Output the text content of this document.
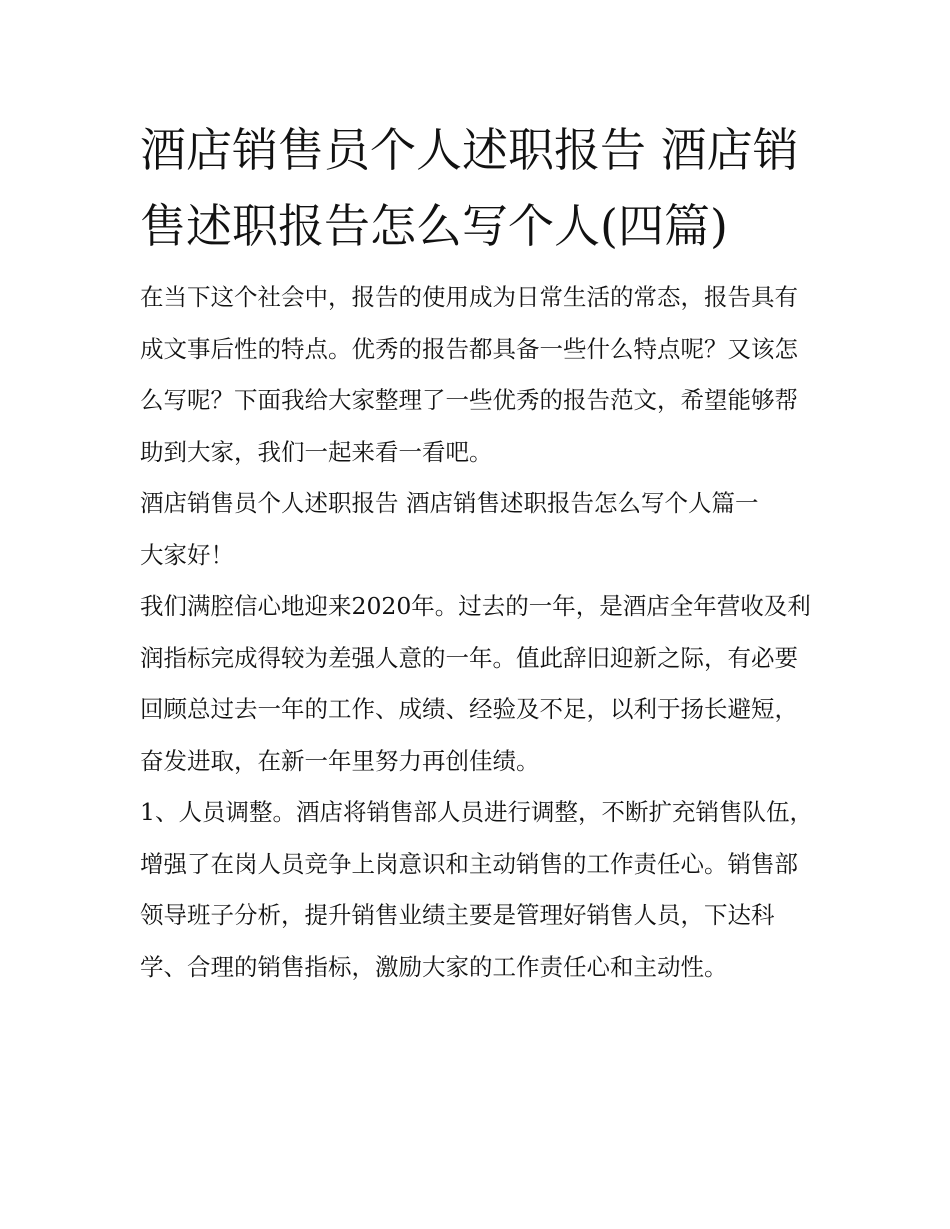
酒店销售员个人述职报告 酒店销售述职报告怎么写个人(四篇)

在当下这个社会中，报告的使用成为日常生活的常态，报告具有成文事后性的特点。优秀的报告都具备一些什么特点呢？又该怎么写呢？下面我给大家整理了一些优秀的报告范文，希望能够帮助到大家，我们一起来看一看吧。

酒店销售员个人述职报告 酒店销售述职报告怎么写个人篇一

大家好！

我们满腔信心地迎来2020年。过去的一年，是酒店全年营收及利润指标完成得较为差强人意的一年。值此辞旧迎新之际，有必要回顾总过去一年的工作、成绩、经验及不足，以利于扬长避短，奋发进取，在新一年里努力再创佳绩。

1、人员调整。酒店将销售部人员进行调整，不断扩充销售队伍，增强了在岗人员竞争上岗意识和主动销售的工作责任心。销售部领导班子分析，提升销售业绩主要是管理好销售人员，下达科学、合理的销售指标，激励大家的工作责任心和主动性。
